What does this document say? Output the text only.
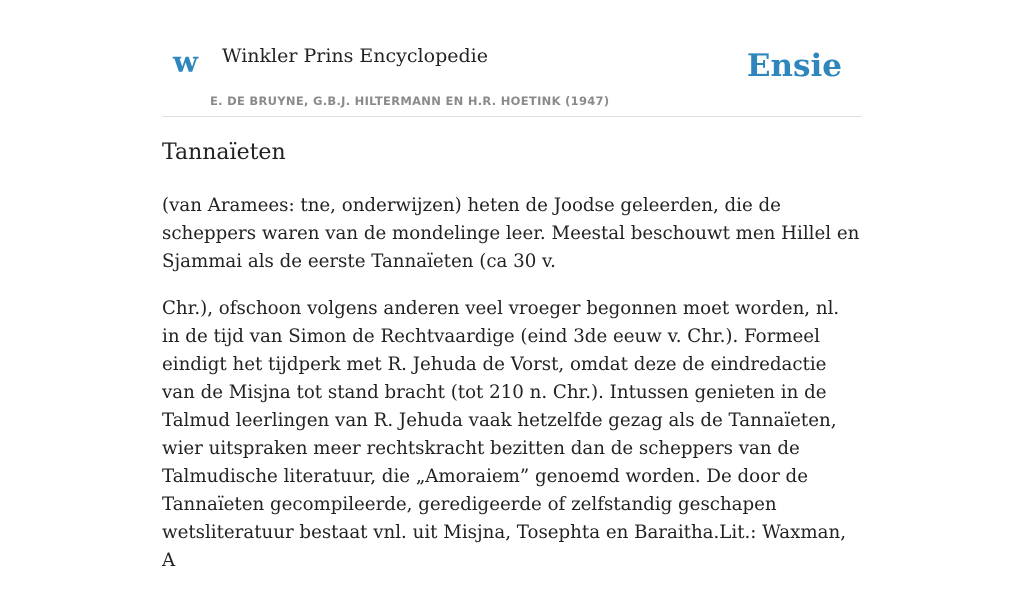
w Winkler Prins Encyclopedie
E. DE BRUYNE, G.B.J. HILTERMANN EN H.R. HOETINK (1947)
Ensie
Tannaïeten

(van Aramees: tne, onderwijzen) heten de Joodse geleerden, die de scheppers waren van de mondelinge leer. Meestal beschouwt men Hillel en Sjammai als de eerste Tannaïeten (ca 30 v.

Chr.), ofschoon volgens anderen veel vroeger begonnen moet worden, nl. in de tijd van Simon de Rechtvaardige (eind 3de eeuw v. Chr.). Formeel eindigt het tijdperk met R. Jehuda de Vorst, omdat deze de eindredactie van de Misjna tot stand bracht (tot 210 n. Chr.). Intussen genieten in de Talmud leerlingen van R. Jehuda vaak hetzelfde gezag als de Tannaïeten, wier uitspraken meer rechtskracht bezitten dan de scheppers van de Talmudische literatuur, die „Amoraiem” genoemd worden. De door de Tannaïeten gecompileerde, geredigeerde of zelfstandig geschapen wetsliteratuur bestaat vnl. uit Misjna, Tosephta en Baraitha.Lit.: Waxman, A
